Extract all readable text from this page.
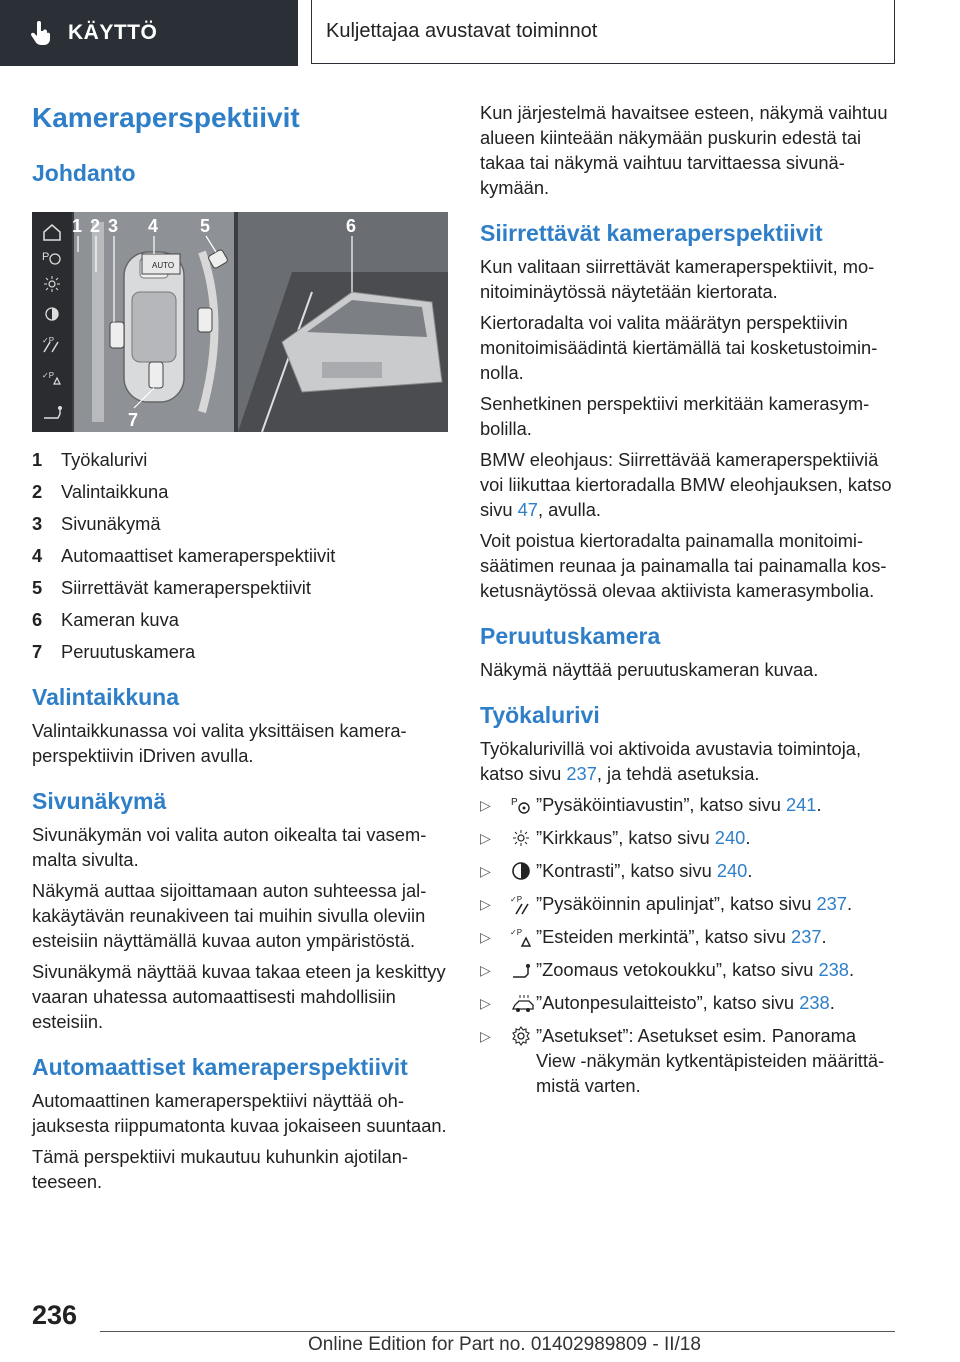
KÄYTTÖ	Kuljettajaa avustavat toiminnot
Kameraperspektiivit
Johdanto
P
✓P
✓P
AUTO
1 2 3 4 5	6
7
1	Työkalurivi
2	Valintaikkuna
3	Sivunäkymä
4	Automaattiset kameraperspektiivit
5	Siirrettävät kameraperspektiivit
6	Kameran kuva
7	Peruutuskamera
Valintaikkuna

Valintaikkunassa voi valita yksittäisen kameraperspektiivin iDriven avulla.

Sivunäkymä

Sivunäkymän voi valita auton oikealta tai vasemmalta sivulta.

Näkymä auttaa sijoittamaan auton suhteessa jalkakäytävän reunakiveen tai muihin sivulla oleviin esteisiin näyttämällä kuvaa auton ympäristöstä.

Sivunäkymä näyttää kuvaa takaa eteen ja keskittyy vaaran uhatessa automaattisesti mahdollisiin esteisiin.

Automaattiset kameraperspektiivit

Automaattinen kameraperspektiivi näyttää ohjauksesta riippumatonta kuvaa jokaiseen suuntaan.

Tämä perspektiivi mukautuu kuhunkin ajotilanteeseen.

Kun järjestelmä havaitsee esteen, näkymä vaihtuu alueen kiinteään näkymään puskurin edestä tai takaa tai näkymä vaihtuu tarvittaessa sivunäkymään.

Siirrettävät kameraperspektiivit

Kun valitaan siirrettävät kameraperspektiivit, monitoiminäytössä näytetään kiertorata.

Kiertoradalta voi valita määrätyn perspektiivin monitoimisäädintä kiertämällä tai kosketustoiminnolla.

Senhetkinen perspektiivi merkitään kamerasymbolilla.

BMW eleohjaus: Siirrettävää kameraperspektiiviä voi liikuttaa kiertoradalla BMW eleohjauksen, katso sivu 47, avulla.

Voit poistua kiertoradalta painamalla monitoimisäätimen reunaa ja painamalla tai painamalla kosketusnäytössä olevaa aktiivista kamerasymbolia.

Peruutuskamera

Näkymä näyttää peruutuskameran kuvaa.

Työkalurivi

Työkalurivillä voi aktivoida avustavia toimintoja, katso sivu 237, ja tehdä asetuksia.

▷	P ”Pysäköintiavustin”, katso sivu 241.
▷	”Kirkkaus”, katso sivu 240.
▷	”Kontrasti”, katso sivu 240.
▷	✓P ”Pysäköinnin apulinjat”, katso sivu 237.
▷	✓P ”Esteiden merkintä”, katso sivu 237.
▷	”Zoomaus vetokoukku”, katso sivu 238.
▷	”Autonpesulaitteisto”, katso sivu 238.
▷	”Asetukset”: Asetukset esim. Panorama View -näkymän kytkentäpisteiden määrittämistä varten.
236
Online Edition for Part no. 01402989809 - II/18
